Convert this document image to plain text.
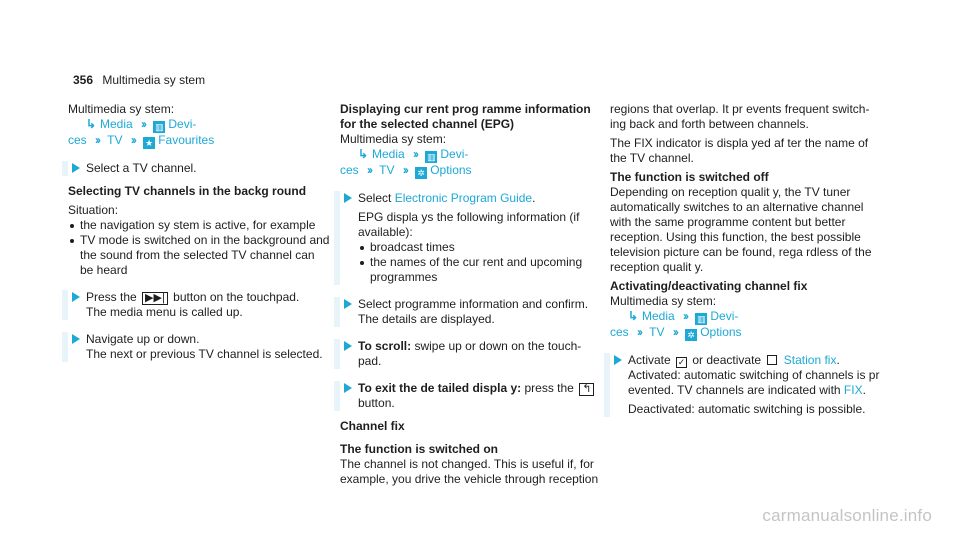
356 Multimedia sy stem

Multimedia sy stem:

↳ Media ›› ▥ Devi-

ces ›› TV ›› ★ Favourites

Select a TV channel.

Selecting TV channels in the backg round

Situation:

the navigation sy stem is active, for example
TV mode is switched on in the background and the sound from the selected TV channel can be heard

Press the ▶▶| button on the touchpad.

The media menu is called up.

Navigate up or down.

The next or previous TV channel is selected.

Displaying cur rent prog ramme information for the selected channel (EPG)

Multimedia sy stem:

↳ Media ›› ▥ Devi-

ces ›› TV ›› ✲ Options

Select Electronic Program Guide.

EPG displa ys the following information (if available):

broadcast times
the names of the cur rent and upcoming programmes

Select programme information and confirm. The details are displayed.

To scroll: swipe up or down on the touch‐ pad.

To exit the de tailed displa y: press the ↰

button.

Channel fix

The function is switched on

The channel is not changed. This is useful if, for example, you drive the vehicle through reception

regions that overlap. It pr events frequent switch‐ ing back and forth between channels.

The FIX indicator is displa yed af ter the name of the TV channel.

The function is switched off

Depending on reception qualit y, the TV tuner automatically switches to an alternative channel with the same programme content but better reception. Using this function, the best possible television picture can be found, rega rdless of the reception qualit y.

Activating/deactivating channel fix

Multimedia sy stem:

↳ Media ›› ▥ Devi-

ces ›› TV ›› ✲ Options

Activate ✓ or deactivate Station fix.

Activated: automatic switching of channels is pr evented. TV channels are indicated with FIX.

Deactivated: automatic switching is possible.

carmanualsonline.info
